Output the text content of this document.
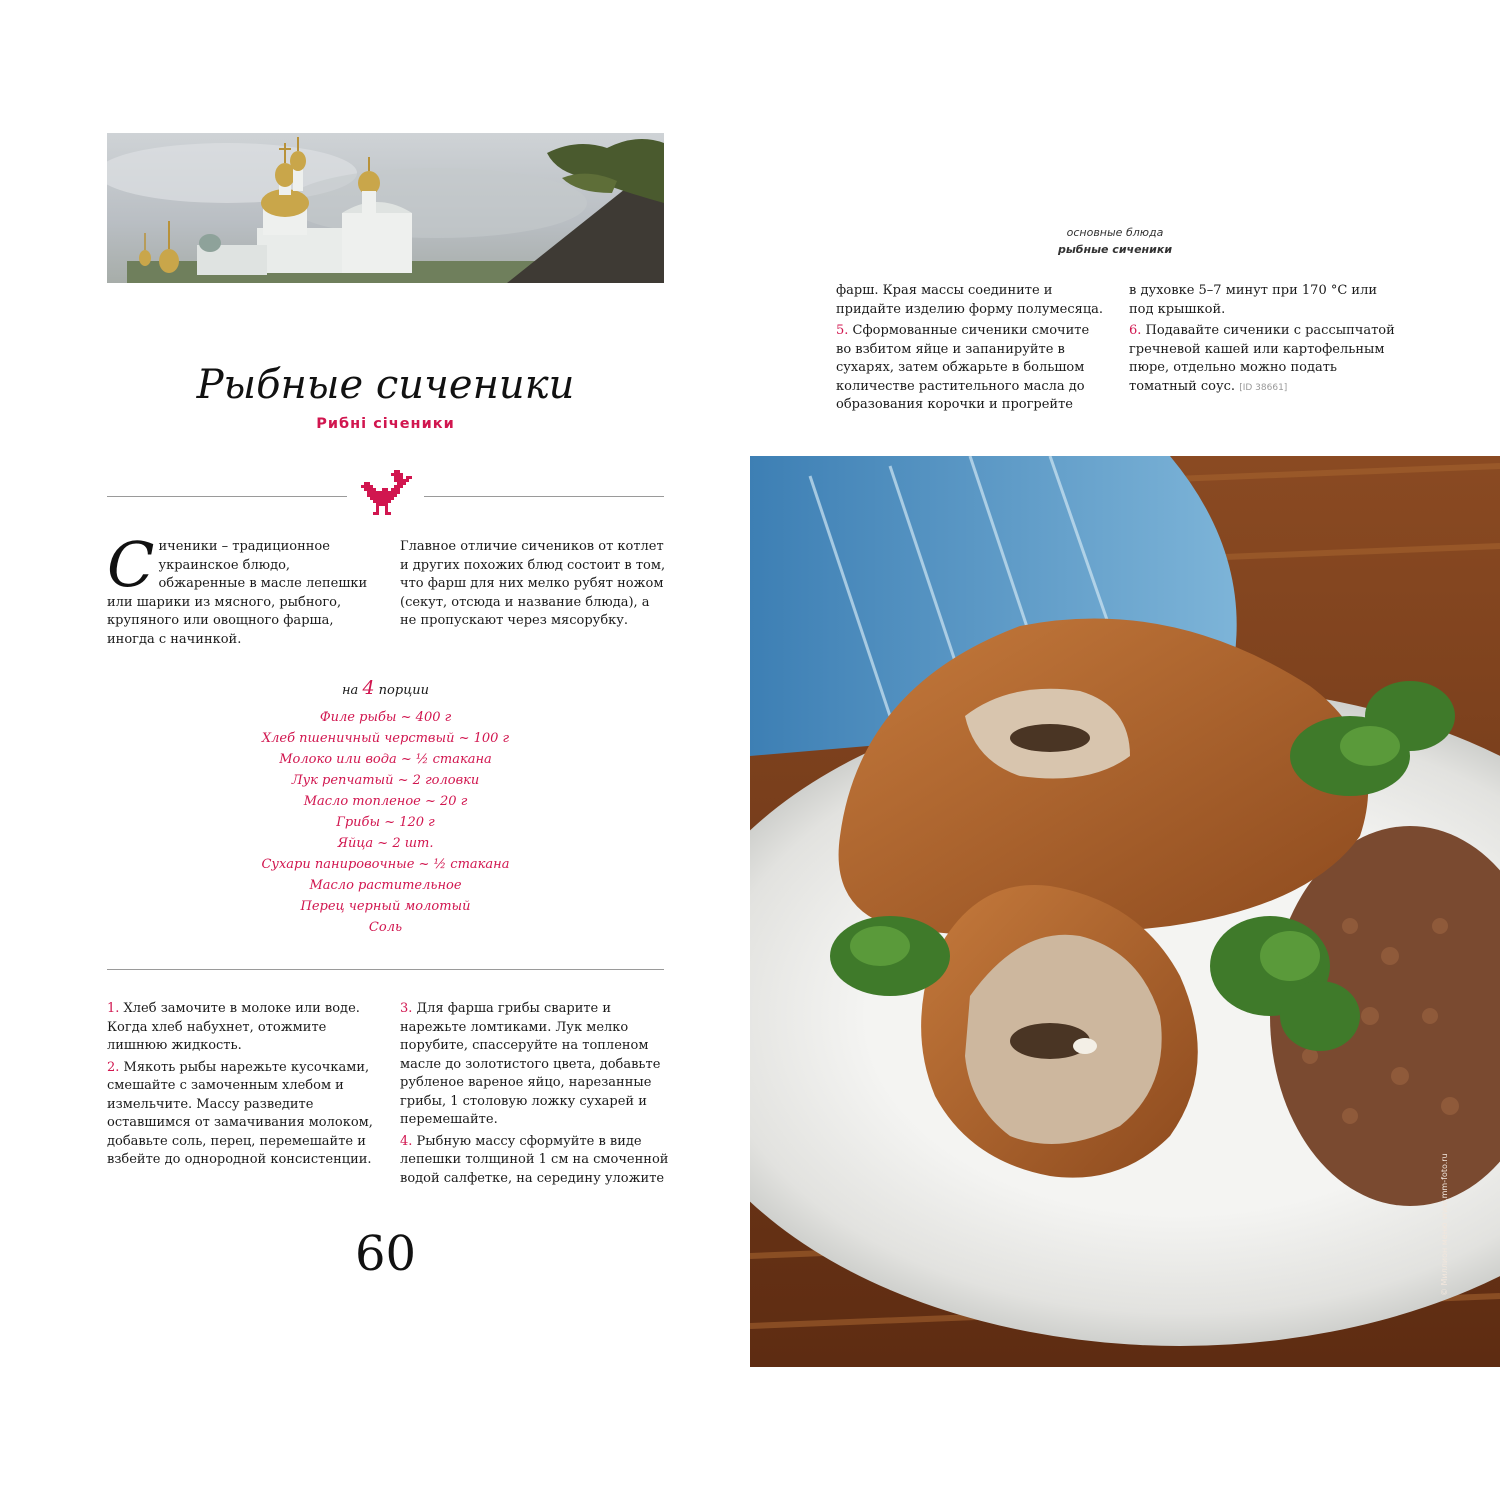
Рыбные сиченики
Рибні січеники
С иченики – традиционное украинское блюдо, обжаренные в масле лепешки или шарики из мясного, рыбного, крупяного или овощного фарша, иногда с начинкой.
Главное отличие сичеников от котлет и других похожих блюд состоит в том, что фарш для них мелко рубят ножом (секут, отсюда и название блюда), а не пропускают через мясорубку.
на 4 порции
Филе рыбы ~ 400 г
Хлеб пшеничный черствый ~ 100 г
Молоко или вода ~ ½ стакана
Лук репчатый ~ 2 головки
Масло топленое ~ 20 г
Грибы ~ 120 г
Яйца ~ 2 шт.
Сухари панировочные ~ ½ стакана
Масло растительное
Перец черный молотый
Соль

1. Хлеб замочите в молоке или воде. Когда хлеб набухнет, отожмите лишнюю жидкость.

2. Мякоть рыбы нарежьте кусочками, смешайте с замоченным хлебом и измельчите. Массу разведите оставшимся от замачивания молоком, добавьте соль, перец, перемешайте и взбейте до однородной консистенции.

3. Для фарша грибы сварите и нарежьте ломтиками. Лук мелко порубите, спассеруйте на топленом масле до золотистого цвета, добавьте рубленое вареное яйцо, нарезанные грибы, 1 столовую ложку сухарей и перемешайте.

4. Рыбную массу сформуйте в виде лепешки толщиной 1 см на смоченной водой салфетке, на середину уложите

60
основные блюда
рыбные сиченики

фарш. Края массы соедините и придайте изделию форму полумесяца.

5. Сформованные сиченики смочите во взбитом яйце и запанируйте в сухарях, затем обжарьте в большом количестве растительного масла до образования корочки и прогрейте

в духовке 5–7 минут при 170 °C или под крышкой.

6. Подавайте сиченики с рассыпчатой гречневой кашей или картофельным пюре, отдельно можно подать томатный соус. [ID 38661]

© Миллион меню www.mm-foto.ru
